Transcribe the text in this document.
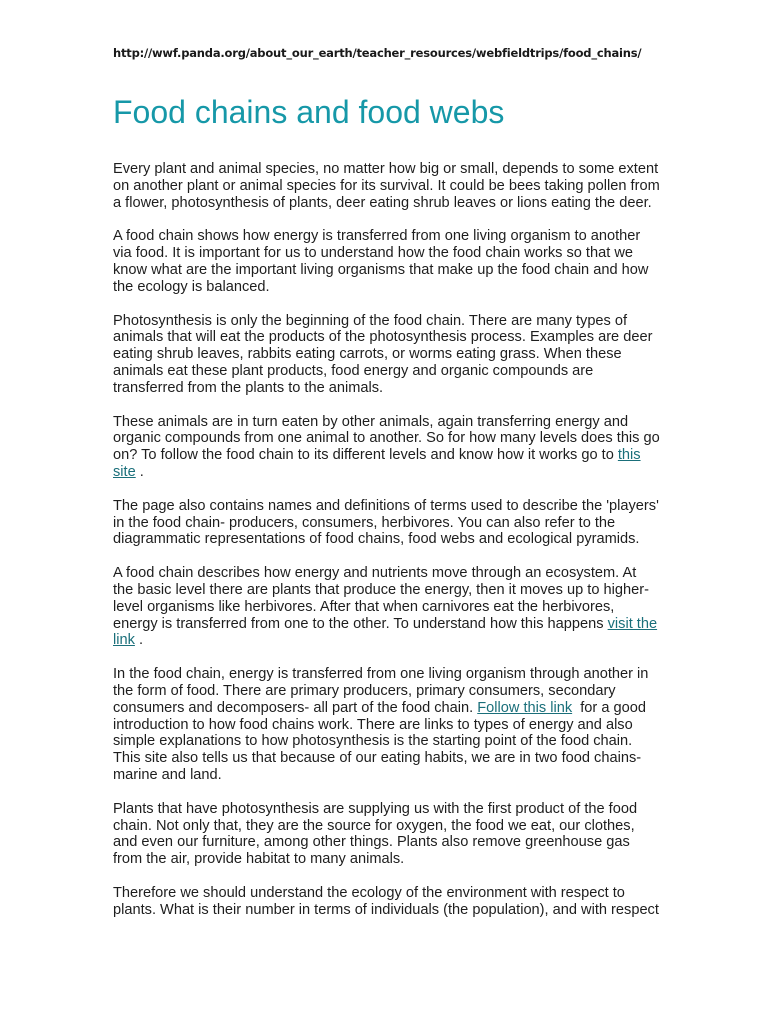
http://wwf.panda.org/about_our_earth/teacher_resources/webfieldtrips/food_chains/
Food chains and food webs

Every plant and animal species, no matter how big or small, depends to some extent
on another plant or animal species for its survival. It could be bees taking pollen from
a flower, photosynthesis of plants, deer eating shrub leaves or lions eating the deer.

A food chain shows how energy is transferred from one living organism to another
via food. It is important for us to understand how the food chain works so that we
know what are the important living organisms that make up the food chain and how
the ecology is balanced.

Photosynthesis is only the beginning of the food chain. There are many types of
animals that will eat the products of the photosynthesis process. Examples are deer
eating shrub leaves, rabbits eating carrots, or worms eating grass. When these
animals eat these plant products, food energy and organic compounds are
transferred from the plants to the animals.

These animals are in turn eaten by other animals, again transferring energy and
organic compounds from one animal to another. So for how many levels does this go
on? To follow the food chain to its different levels and know how it works go to this
site .

The page also contains names and definitions of terms used to describe the 'players'
in the food chain- producers, consumers, herbivores. You can also refer to the
diagrammatic representations of food chains, food webs and ecological pyramids.

A food chain describes how energy and nutrients move through an ecosystem. At
the basic level there are plants that produce the energy, then it moves up to higher-
level organisms like herbivores. After that when carnivores eat the herbivores,
energy is transferred from one to the other. To understand how this happens visit the
link .

In the food chain, energy is transferred from one living organism through another in
the form of food. There are primary producers, primary consumers, secondary
consumers and decomposers- all part of the food chain. Follow this link  for a good
introduction to how food chains work. There are links to types of energy and also
simple explanations to how photosynthesis is the starting point of the food chain.
This site also tells us that because of our eating habits, we are in two food chains-
marine and land.

Plants that have photosynthesis are supplying us with the first product of the food
chain. Not only that, they are the source for oxygen, the food we eat, our clothes,
and even our furniture, among other things. Plants also remove greenhouse gas
from the air, provide habitat to many animals.

Therefore we should understand the ecology of the environment with respect to
plants. What is their number in terms of individuals (the population), and with respect
